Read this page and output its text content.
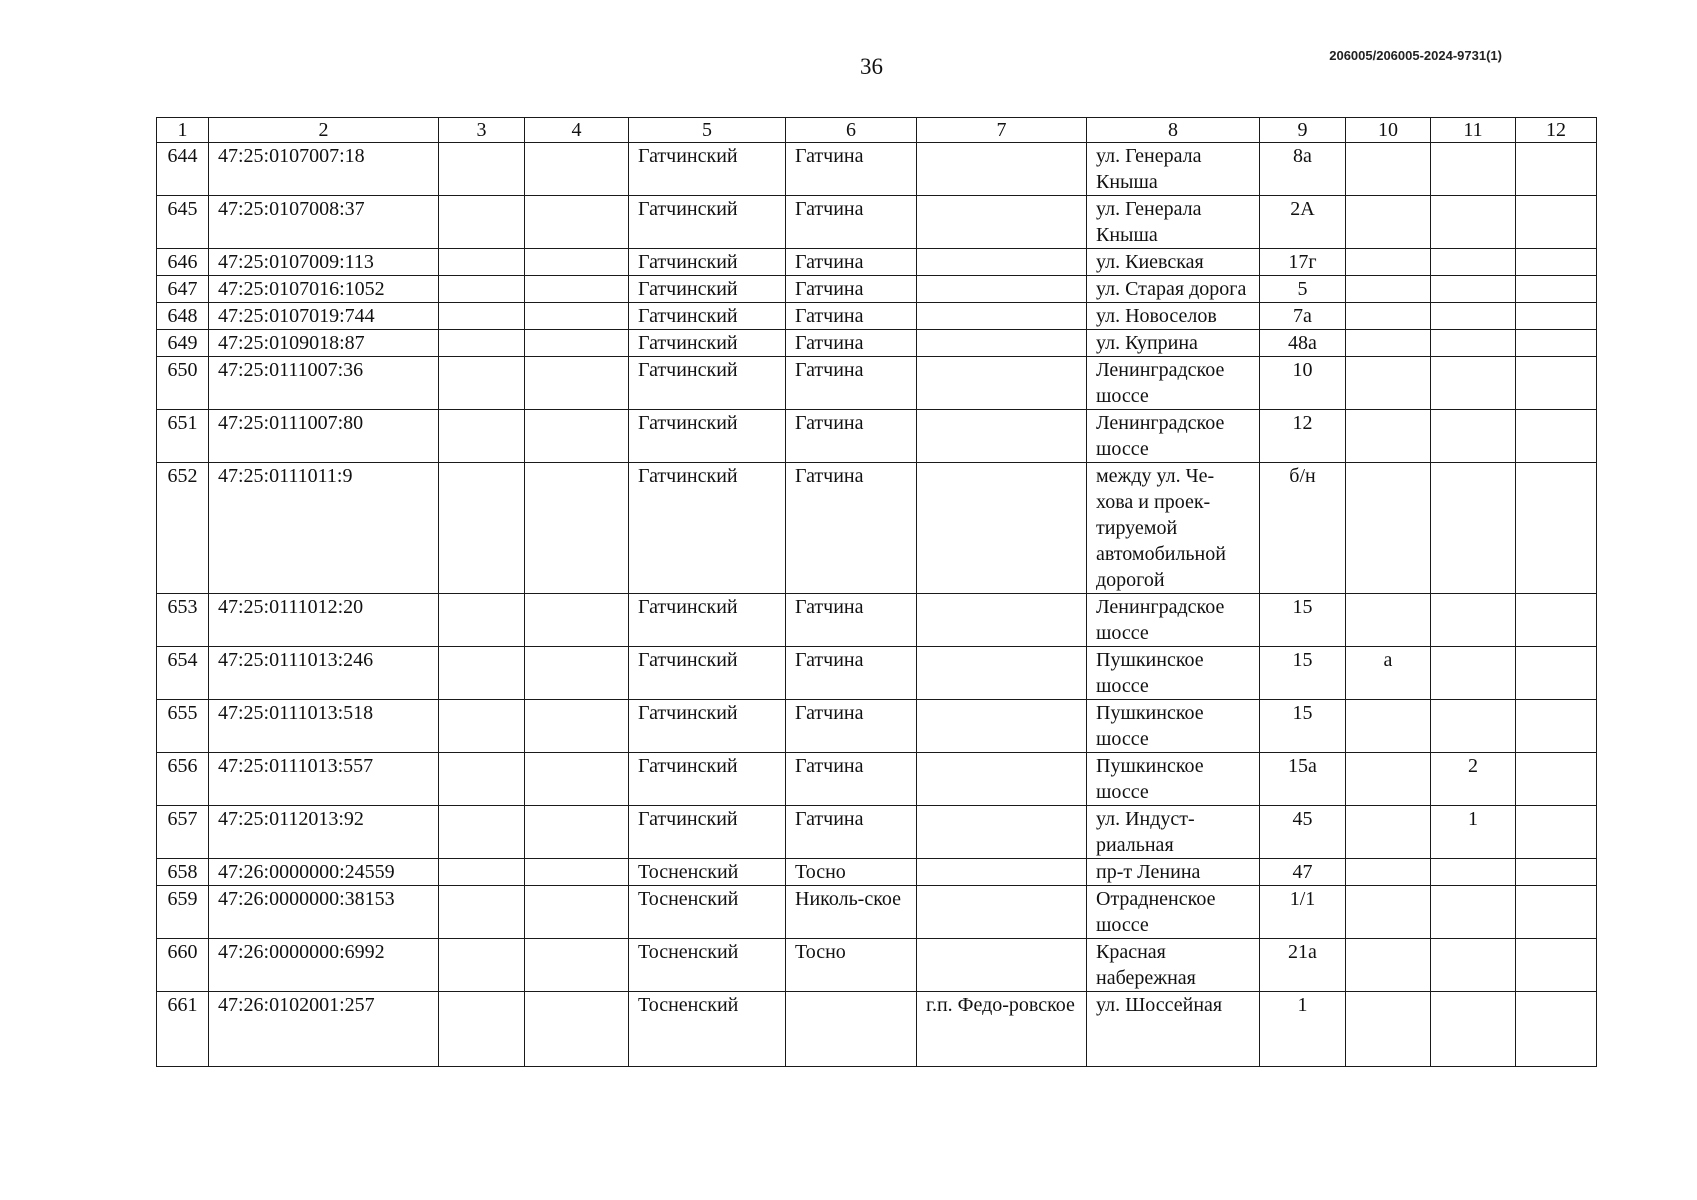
36	206005/206005-2024-9731(1)
1	2	3	4	5	6	7	8	9	10	11	12
644	47:25:0107007:18			Гатчинский	Гатчина		ул. Генерала Кныша	8а			
645	47:25:0107008:37			Гатчинский	Гатчина		ул. Генерала Кныша	2А			
646	47:25:0107009:113			Гатчинский	Гатчина		ул. Киевская	17г			
647	47:25:0107016:1052			Гатчинский	Гатчина		ул. Старая дорога	5			
648	47:25:0107019:744			Гатчинский	Гатчина		ул. Новоселов	7а			
649	47:25:0109018:87			Гатчинский	Гатчина		ул. Куприна	48а			
650	47:25:0111007:36			Гатчинский	Гатчина		Ленинградское шоссе	10			
651	47:25:0111007:80			Гатчинский	Гатчина		Ленинградское шоссе	12			
652	47:25:0111011:9			Гатчинский	Гатчина		между ул. Че-хова и проек-тируемой автомобильной дорогой	б/н			
653	47:25:0111012:20			Гатчинский	Гатчина		Ленинградское шоссе	15			
654	47:25:0111013:246			Гатчинский	Гатчина		Пушкинское шоссе	15	а		
655	47:25:0111013:518			Гатчинский	Гатчина		Пушкинское шоссе	15			
656	47:25:0111013:557			Гатчинский	Гатчина		Пушкинское шоссе	15а		2	
657	47:25:0112013:92			Гатчинский	Гатчина		ул. Индуст-риальная	45		1	
658	47:26:0000000:24559			Тосненский	Тосно		пр-т Ленина	47			
659	47:26:0000000:38153			Тосненский	Николь-ское		Отрадненское шоссе	1/1			
660	47:26:0000000:6992			Тосненский	Тосно		Красная набережная	21а			
661	47:26:0102001:257			Тосненский		г.п. Федо-ровское	ул. Шоссейная	1			
